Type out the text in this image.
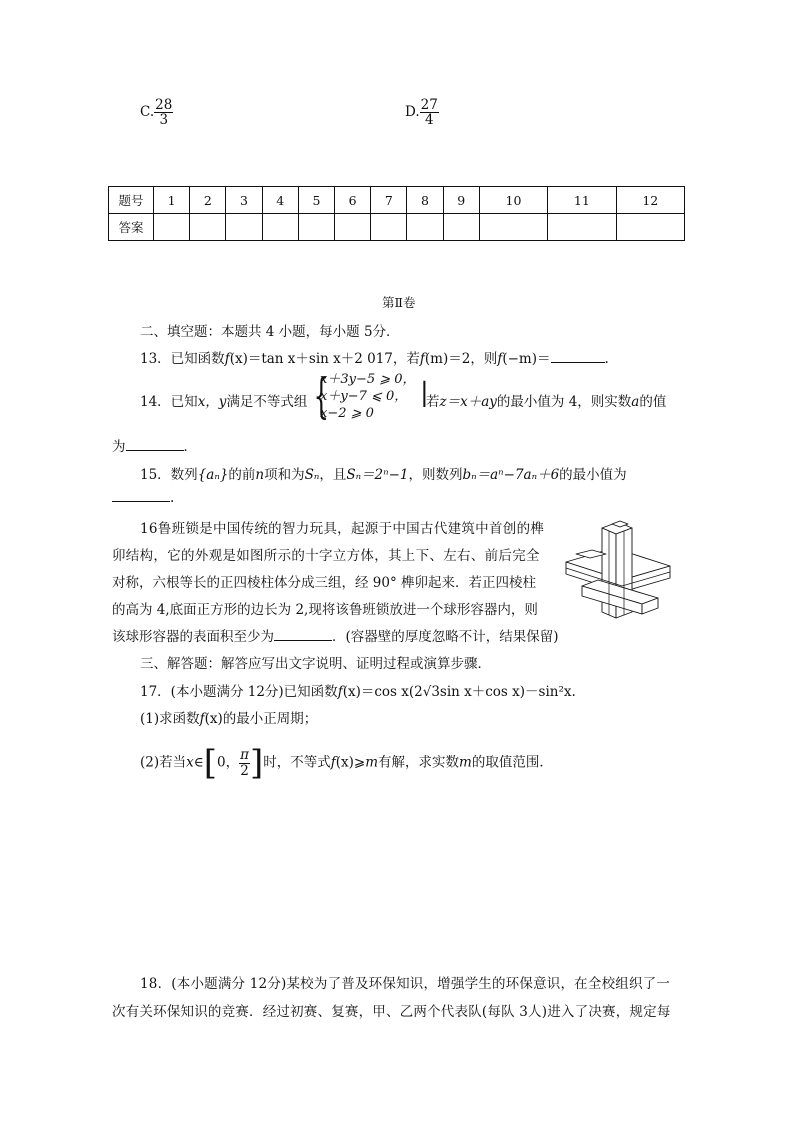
C. $\frac{28}{3}$	D. $\frac{27}{4}$
题号	1	2	3	4	5	6	7	8	9	10	11	12
答案												
第Ⅱ卷
二、填空题：本题共 4 小题，每小题 5分．
13．已知函数f(x)＝tan x＋sin x＋2 017，若f(m)＝2，则f(−m)＝	.
14．已知x，y满足不等式组 {
x＋3y−5 ⩾ 0，
x＋y−7 ⩽ 0，
x−2 ⩾ 0
|
若z＝x＋ay的最小值为 4，则实数a的值
为	．
15．数列{aₙ}的前n项和为Sₙ，且Sₙ＝2ⁿ−1，则数列bₙ＝aⁿ−7aₙ＋6的最小值为
.
16鲁班锁是中国传统的智力玩具，起源于中国古代建筑中首创的榫
卯结构，它的外观是如图所示的十字立方体，其上下、左右、前后完全
对称，六根等长的正四棱柱体分成三组，经 90° 榫卯起来．若正四棱柱
的高为 4,底面正方形的边长为 2,现将该鲁班锁放进一个球形容器内，则
该球形容器的表面积至少为	．(容器壁的厚度忽略不计，结果保留)
三、解答题：解答应写出文字说明、证明过程或演算步骤．
17．(本小题满分 12分)已知函数f(x)＝cos x(2√3sin x＋cos x)－sin²x.
(1)求函数f(x)的最小正周期；
(2)若当x∈[0， $\frac{\pi}{2}$ ]时，不等式f(x)⩾m有解，求实数m的取值范围．
18．(本小题满分 12分)某校为了普及环保知识，增强学生的环保意识，在全校组织了一
次有关环保知识的竞赛．经过初赛、复赛，甲、乙两个代表队(每队 3人)进入了决赛，规定每
